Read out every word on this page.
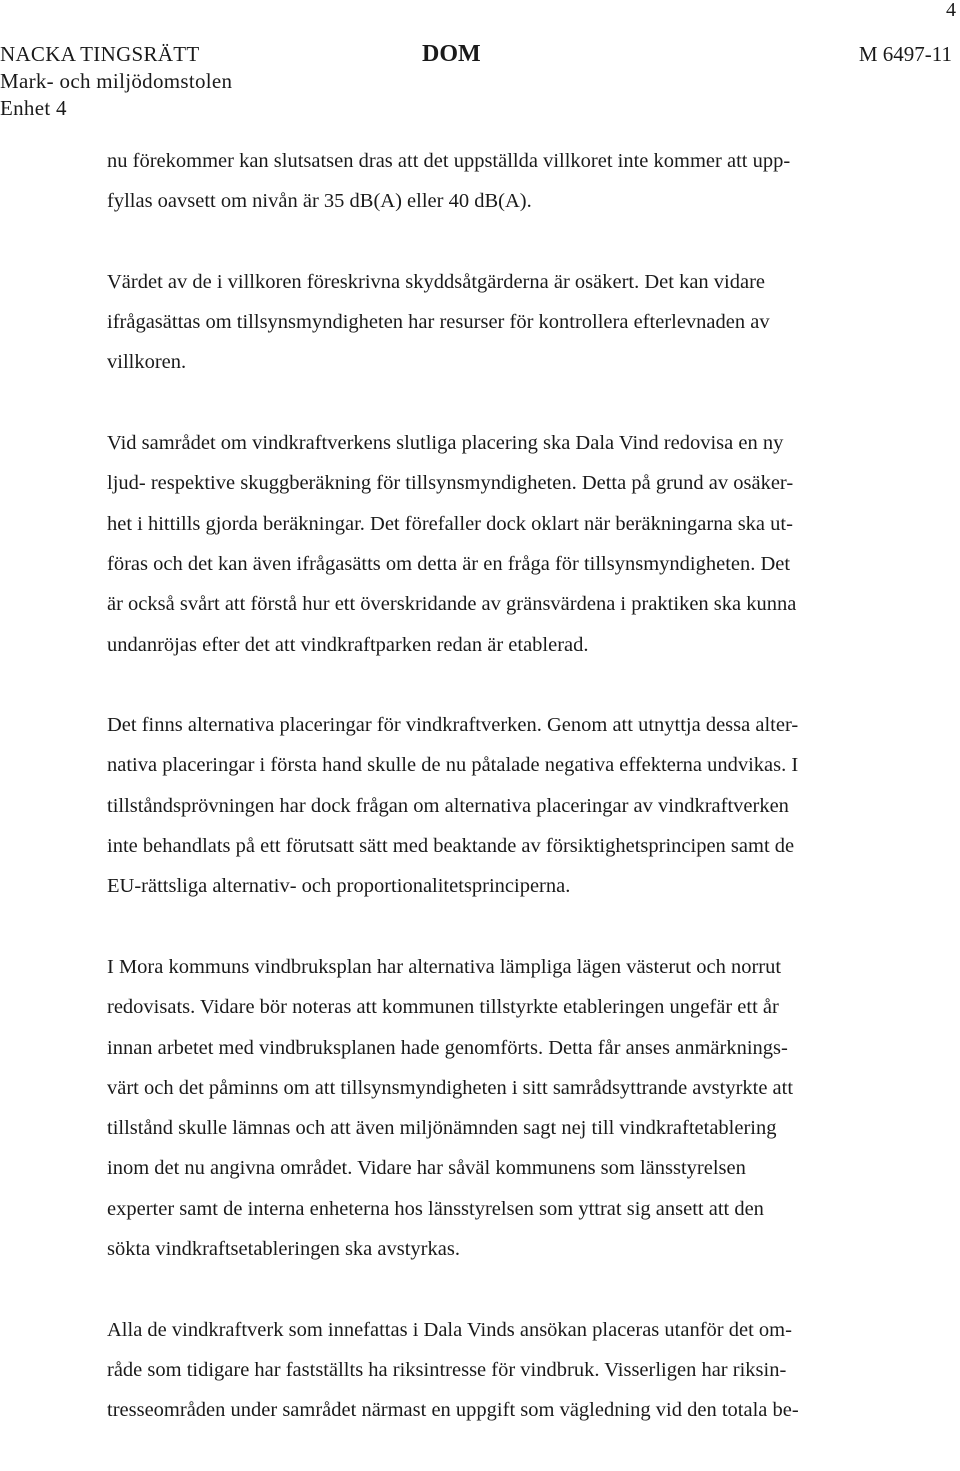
4
NACKA TINGSRÄTT	DOM	M 6497-11
Mark- och miljödomstolen
Enhet 4

nu förekommer kan slutsatsen dras att det uppställda villkoret inte kommer att upp-
fyllas oavsett om nivån är 35 dB(A) eller 40 dB(A).

Värdet av de i villkoren föreskrivna skyddsåtgärderna är osäkert. Det kan vidare
ifrågasättas om tillsynsmyndigheten har resurser för kontrollera efterlevnaden av
villkoren.

Vid samrådet om vindkraftverkens slutliga placering ska Dala Vind redovisa en ny
ljud- respektive skuggberäkning för tillsynsmyndigheten. Detta på grund av osäker-
het i hittills gjorda beräkningar. Det förefaller dock oklart när beräkningarna ska ut-
föras och det kan även ifrågasätts om detta är en fråga för tillsynsmyndigheten. Det
är också svårt att förstå hur ett överskridande av gränsvärdena i praktiken ska kunna
undanröjas efter det att vindkraftparken redan är etablerad.

Det finns alternativa placeringar för vindkraftverken. Genom att utnyttja dessa alter-
nativa placeringar i första hand skulle de nu påtalade negativa effekterna undvikas. I
tillståndsprövningen har dock frågan om alternativa placeringar av vindkraftverken
inte behandlats på ett förutsatt sätt med beaktande av försiktighetsprincipen samt de
EU-rättsliga alternativ- och proportionalitetsprinciperna.

I Mora kommuns vindbruksplan har alternativa lämpliga lägen västerut och norrut
redovisats. Vidare bör noteras att kommunen tillstyrkte etableringen ungefär ett år
innan arbetet med vindbruksplanen hade genomförts. Detta får anses anmärknings-
värt och det påminns om att tillsynsmyndigheten i sitt samrådsyttrande avstyrkte att
tillstånd skulle lämnas och att även miljönämnden sagt nej till vindkraftetablering
inom det nu angivna området. Vidare har såväl kommunens som länsstyrelsen
experter samt de interna enheterna hos länsstyrelsen som yttrat sig ansett att den
sökta vindkraftsetableringen ska avstyrkas.

Alla de vindkraftverk som innefattas i Dala Vinds ansökan placeras utanför det om-
råde som tidigare har fastställts ha riksintresse för vindbruk. Visserligen har riksin-
tresseområden under samrådet närmast en uppgift som vägledning vid den totala be-
